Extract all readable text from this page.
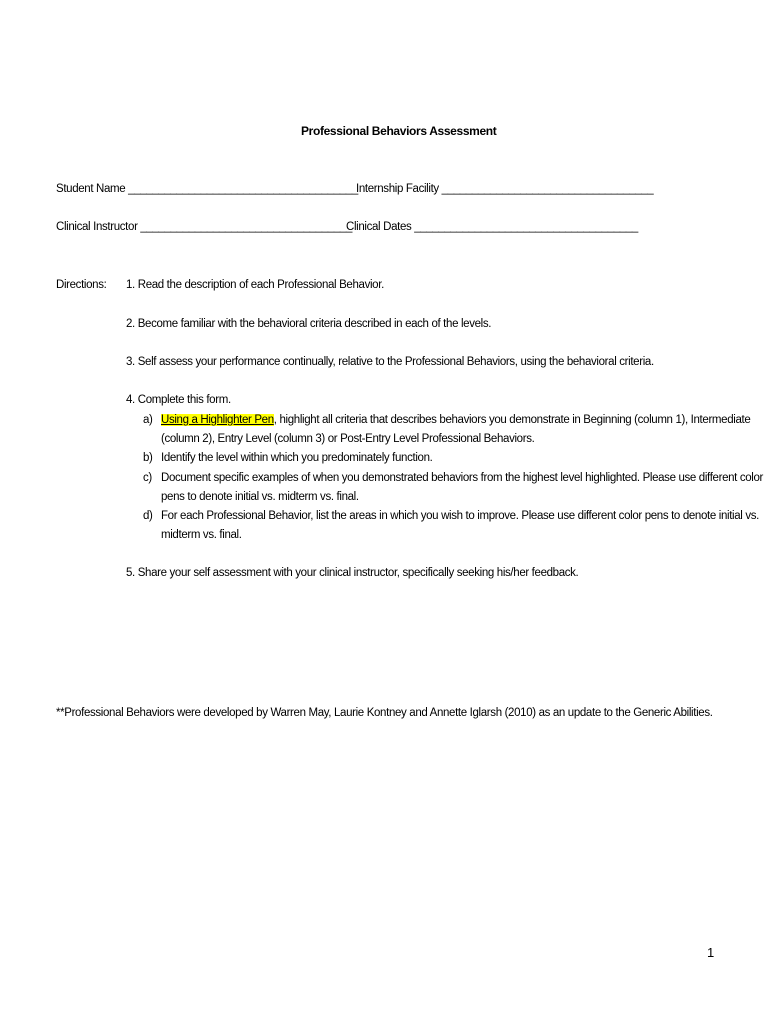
Professional Behaviors Assessment
Student Name ______________________________________
Internship Facility ___________________________________
Clinical Instructor ___________________________________
Clinical Dates _____________________________________
Directions: 1. Read the description of each Professional Behavior.
2. Become familiar with the behavioral criteria described in each of the levels.
3. Self assess your performance continually, relative to the Professional Behaviors, using the behavioral criteria.
4. Complete this form.
a) Using a Highlighter Pen, highlight all criteria that describes behaviors you demonstrate in Beginning (column 1), Intermediate
(column 2), Entry Level (column 3) or Post-Entry Level Professional Behaviors.
b) Identify the level within which you predominately function.
c) Document specific examples of when you demonstrated behaviors from the highest level highlighted. Please use different color
pens to denote initial vs. midterm vs. final.
d) For each Professional Behavior, list the areas in which you wish to improve. Please use different color pens to denote initial vs.
midterm vs. final.
5. Share your self assessment with your clinical instructor, specifically seeking his/her feedback.
**Professional Behaviors were developed by Warren May, Laurie Kontney and Annette Iglarsh (2010) as an update to the Generic Abilities.
1
